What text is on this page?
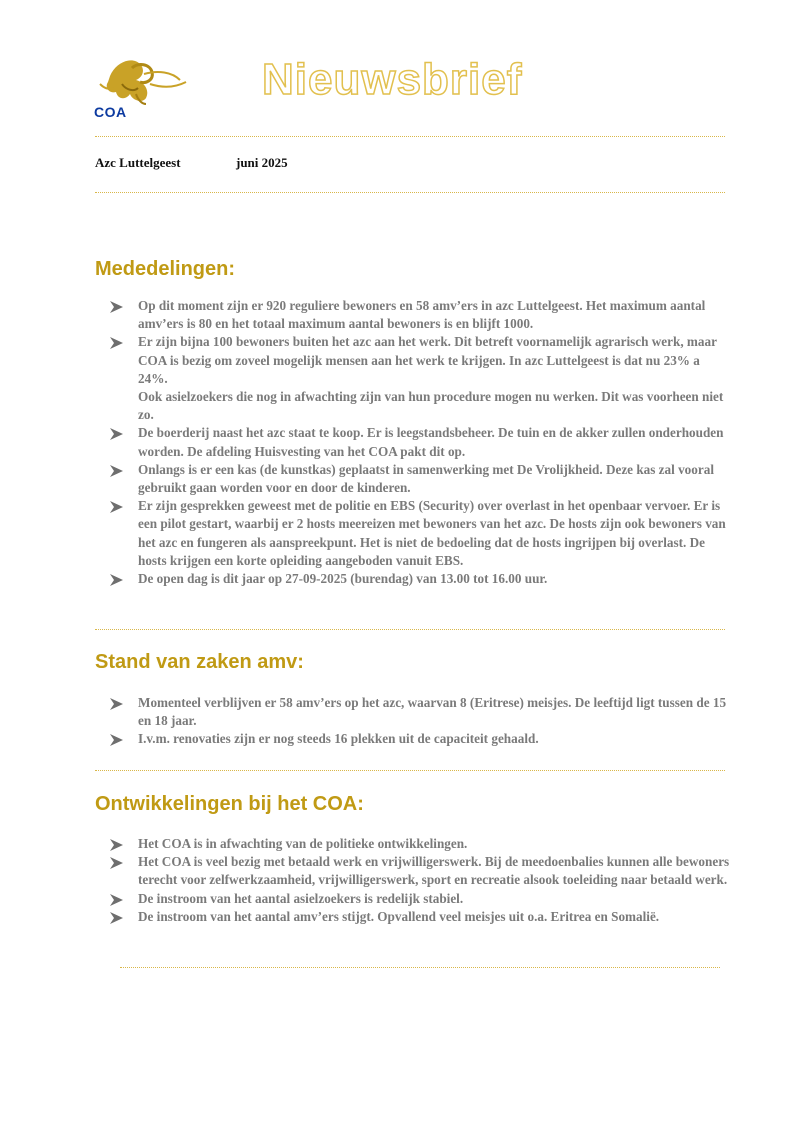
COA
Nieuwsbrief
Azc Luttelgeest	juni 2025
Mededelingen:
Op dit moment zijn er 920 reguliere bewoners en 58 amv’ers in azc Luttelgeest. Het maximum aantal amv’ers is 80 en het totaal maximum aantal bewoners is en blijft 1000.
Er zijn bijna 100 bewoners buiten het azc aan het werk. Dit betreft voornamelijk agrarisch werk, maar COA is bezig om zoveel mogelijk mensen aan het werk te krijgen. In azc Luttelgeest is dat nu 23% a 24%.
Ook asielzoekers die nog in afwachting zijn van hun procedure mogen nu werken. Dit was voorheen niet zo.
De boerderij naast het azc staat te koop. Er is leegstandsbeheer. De tuin en de akker zullen onderhouden worden. De afdeling Huisvesting van het COA pakt dit op.
Onlangs is er een kas (de kunstkas) geplaatst in samenwerking met De Vrolijkheid. Deze kas zal vooral gebruikt gaan worden voor en door de kinderen.
Er zijn gesprekken geweest met de politie en EBS (Security) over overlast in het openbaar vervoer. Er is een pilot gestart, waarbij er 2 hosts meereizen met bewoners van het azc. De hosts zijn ook bewoners van het azc en fungeren als aanspreekpunt. Het is niet de bedoeling dat de hosts ingrijpen bij overlast. De hosts krijgen een korte opleiding aangeboden vanuit EBS.
De open dag is dit jaar op 27-09-2025 (burendag) van 13.00 tot 16.00 uur.
Stand van zaken amv:
Momenteel verblijven er 58 amv’ers op het azc, waarvan 8 (Eritrese) meisjes. De leeftijd ligt tussen de 15 en 18 jaar.
I.v.m. renovaties zijn er nog steeds 16 plekken uit de capaciteit gehaald.
Ontwikkelingen bij het COA:
Het COA is in afwachting van de politieke ontwikkelingen.
Het COA is veel bezig met betaald werk en vrijwilligerswerk. Bij de meedoenbalies kunnen alle bewoners terecht voor zelfwerkzaamheid, vrijwilligerswerk, sport en recreatie alsook toeleiding naar betaald werk.
De instroom van het aantal asielzoekers is redelijk stabiel.
De instroom van het aantal amv’ers stijgt. Opvallend veel meisjes uit o.a. Eritrea en Somalië.
